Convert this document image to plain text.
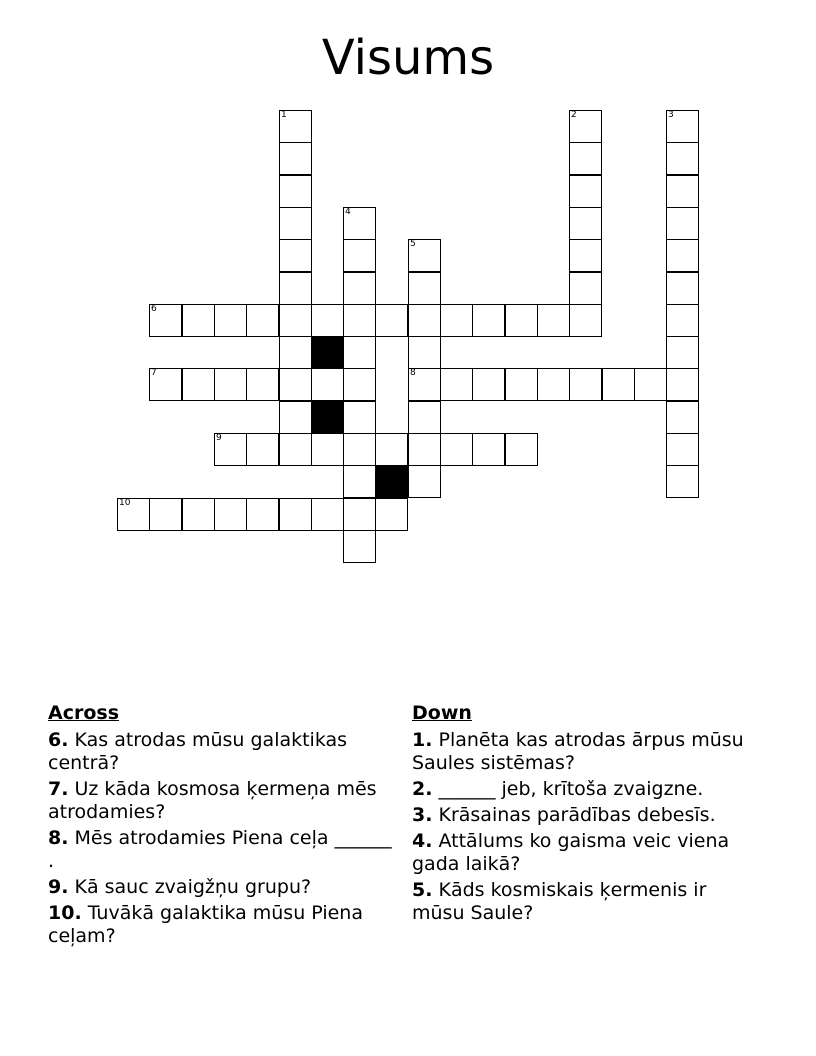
Visums
1	2	3
4
5
6
7	8
9
10
Across
6. Kas atrodas mūsu galaktikas centrā?
7. Uz kāda kosmosa ķermeņa mēs atrodamies?
8. Mēs atrodamies Piena ceļa ______ .
9. Kā sauc zvaigžņu grupu?
10. Tuvākā galaktika mūsu Piena ceļam?
Down
1. Planēta kas atrodas ārpus mūsu Saules sistēmas?
2. ______ jeb, krītoša zvaigzne.
3. Krāsainas parādības debesīs.
4. Attālums ko gaisma veic viena gada laikā?
5. Kāds kosmiskais ķermenis ir mūsu Saule?
